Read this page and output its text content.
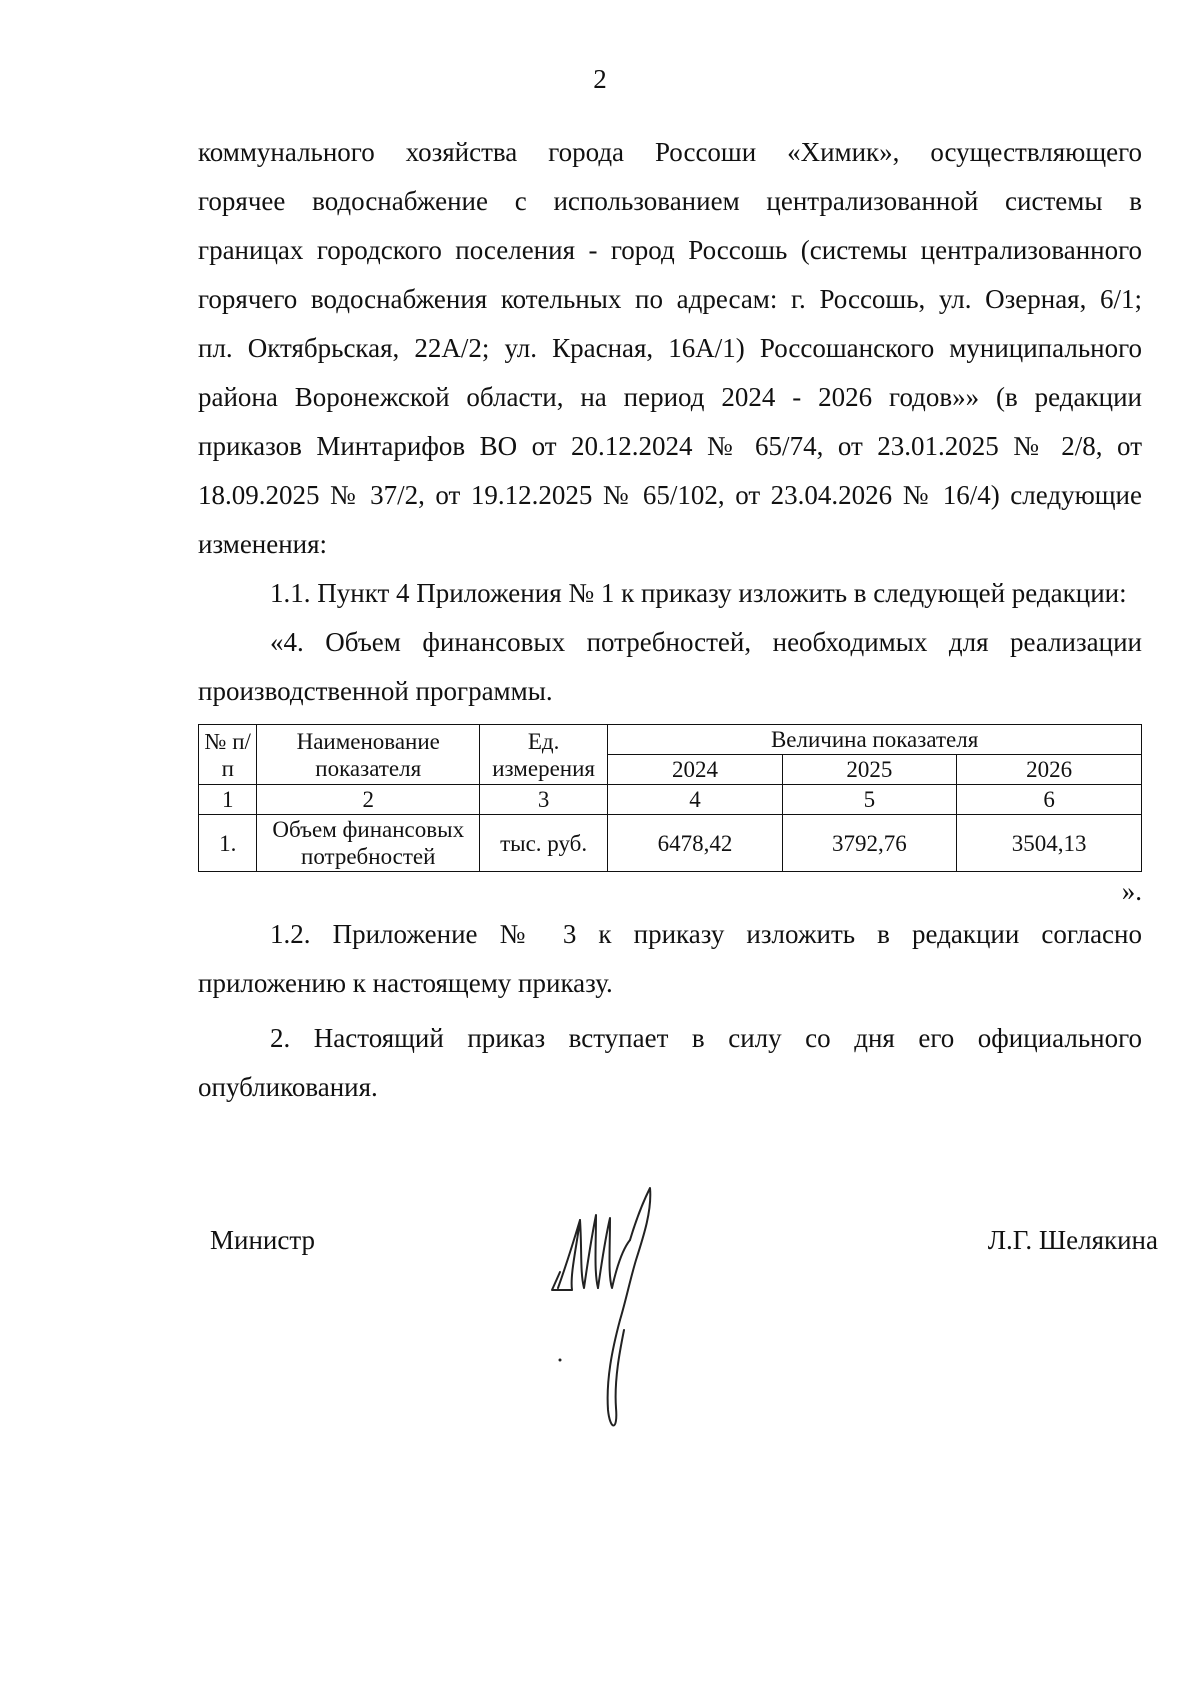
2

коммунального хозяйства города Россоши «Химик», осуществляющего

горячее водоснабжение с использованием централизованной системы в

границах городского поселения - город Россошь (системы централизованного

горячего водоснабжения котельных по адресам: г. Россошь, ул. Озерная, 6/1;

пл. Октябрьская, 22А/2; ул. Красная, 16А/1) Россошанского муниципального

района Воронежской области, на период 2024 - 2026 годов»» (в редакции

приказов Минтарифов ВО от 20.12.2024 № 65/74, от 23.01.2025 № 2/8, от

18.09.2025 № 37/2, от 19.12.2025 № 65/102, от 23.04.2026 № 16/4) следующие

изменения:

1.1. Пункт 4 Приложения № 1 к приказу изложить в следующей редакции:

«4. Объем финансовых потребностей, необходимых для реализации производственной программы.

№ п/п	Наименование показателя	Ед. измерения	Величина показателя		
			2024	2025	2026
1	2	3	4	5	6
1.	Объем финансовых потребностей	тыс. руб.	6478,42	3792,76	3504,13

».

1.2. Приложение № 3 к приказу изложить в редакции согласно приложению к настоящему приказу.

2. Настоящий приказ вступает в силу со дня его официального опубликования.

Министр	Л.Г. Шелякина
